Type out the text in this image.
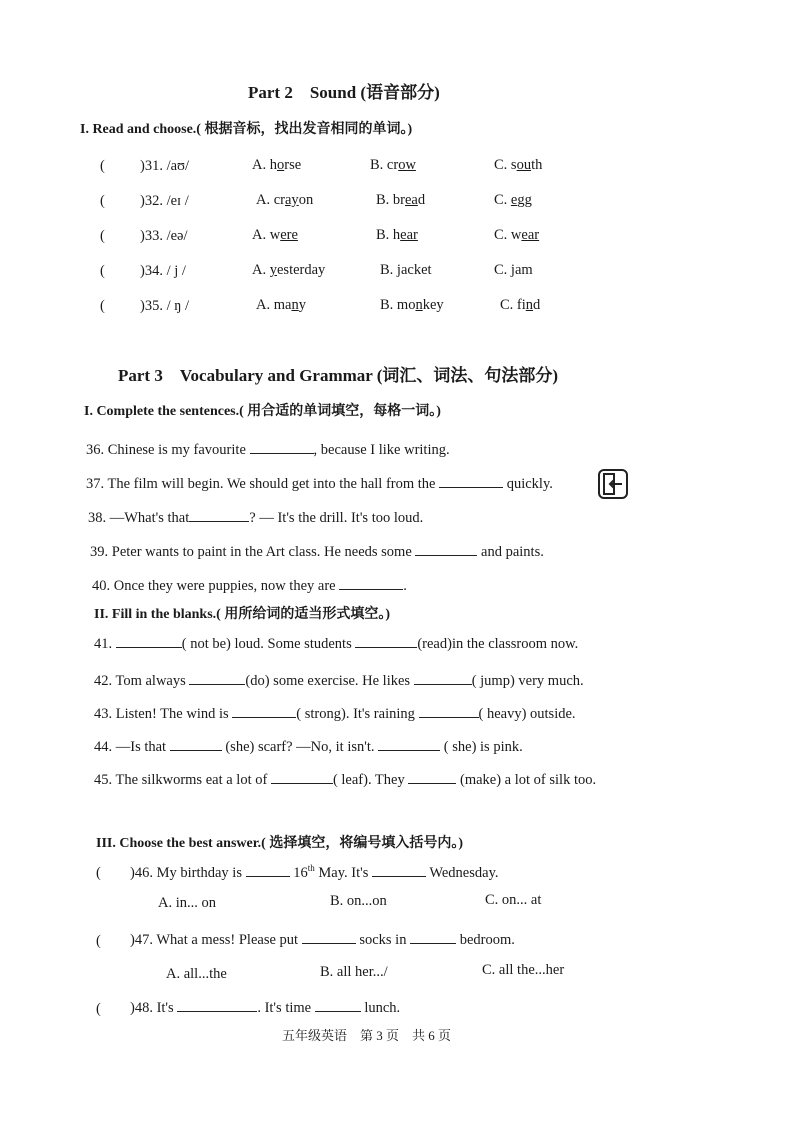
Part 2　Sound (语音部分)
I. Read and choose.( 根据音标，找出发音相同的单词。)
( )31. /aʊ/	A. horse	B. crow	C. south
( )32. /eɪ /	A. crayon	B. bread	C. egg
( )33. /eə/	A. were	B. hear	C. wear
( )34. / j /	A. yesterday	B. jacket	C. jam
( )35. / ŋ /	A. many	B. monkey	C. find
Part 3　Vocabulary and Grammar (词汇、词法、句法部分)
I. Complete the sentences.( 用合适的单词填空，每格一词。)
36. Chinese is my favourite	, because I like writing.
37. The film will begin. We should get into the hall from the	quickly.
38. —What's that	? — It's the drill. It's too loud.
39. Peter wants to paint in the Art class. He needs some	and paints.
40. Once they were puppies, now they are	.
II. Fill in the blanks.( 用所给词的适当形式填空。)
41.	( not be) loud. Some students	(read)in the classroom now.
42. Tom always	(do) some exercise. He likes	( jump) very much.
43. Listen! The wind is	( strong). It's raining	( heavy) outside.
44. —Is that	(she) scarf? —No, it isn't.	( she) is pink.
45. The silkworms eat a lot of	( leaf). They	(make) a lot of silk too.
III. Choose the best answer.( 选择填空，将编号填入括号内。)
( )46. My birthday is	16th May. It's	Wednesday.
A. in... on	B. on...on	C. on... at
( )47. What a mess! Please put	socks in	bedroom.
A. all...the	B. all her.../	C. all the...her
( )48. It's	. It's time	lunch.
五年级英语　第 3 页　共 6 页
